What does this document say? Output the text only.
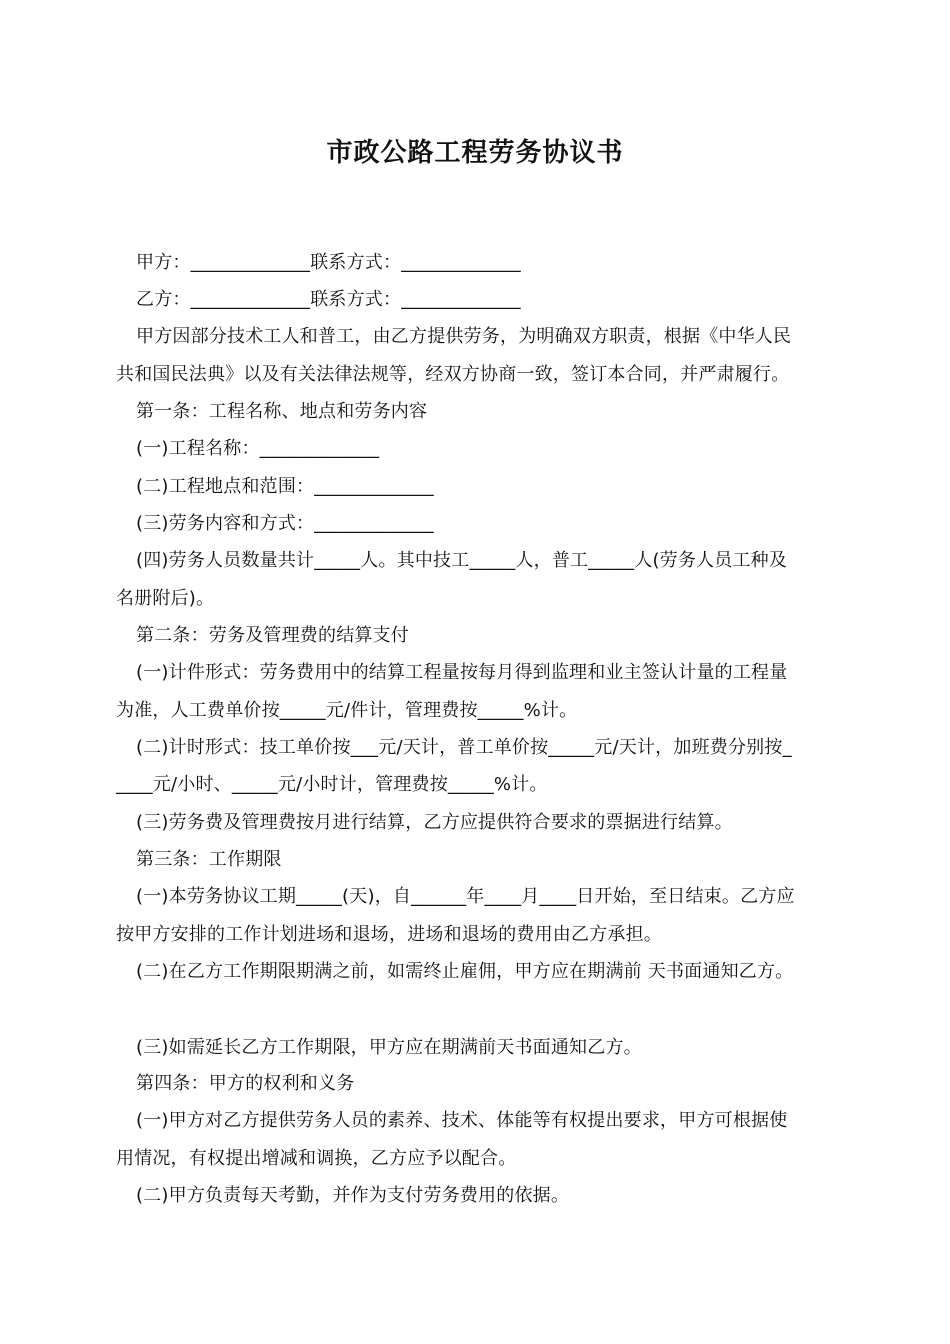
市政公路工程劳务协议书
甲方：_____________联系方式：_____________
乙方：_____________联系方式：_____________
甲方因部分技术工人和普工，由乙方提供劳务，为明确双方职责，根据《中华人民
共和国民法典》以及有关法律法规等，经双方协商一致，签订本合同，并严肃履行。
第一条：工程名称、地点和劳务内容
(一)工程名称：_____________
(二)工程地点和范围：_____________
(三)劳务内容和方式：_____________
(四)劳务人员数量共计_____人。其中技工_____人，普工_____人(劳务人员工种及
名册附后)。
第二条：劳务及管理费的结算支付
(一)计件形式：劳务费用中的结算工程量按每月得到监理和业主签认计量的工程量
为准，人工费单价按_____元/件计，管理费按_____%计。
(二)计时形式：技工单价按___元/天计，普工单价按_____元/天计，加班费分别按_
____元/小时、_____元/小时计，管理费按_____%计。
(三)劳务费及管理费按月进行结算，乙方应提供符合要求的票据进行结算。
第三条：工作期限
(一)本劳务协议工期_____(天)，自______年____月____日开始，至日结束。乙方应
按甲方安排的工作计划进场和退场，进场和退场的费用由乙方承担。
(二)在乙方工作期限期满之前，如需终止雇佣，甲方应在期满前 天书面通知乙方。
(三)如需延长乙方工作期限，甲方应在期满前天书面通知乙方。
第四条：甲方的权利和义务
(一)甲方对乙方提供劳务人员的素养、技术、体能等有权提出要求，甲方可根据使
用情况，有权提出增减和调换，乙方应予以配合。
(二)甲方负责每天考勤，并作为支付劳务费用的依据。
